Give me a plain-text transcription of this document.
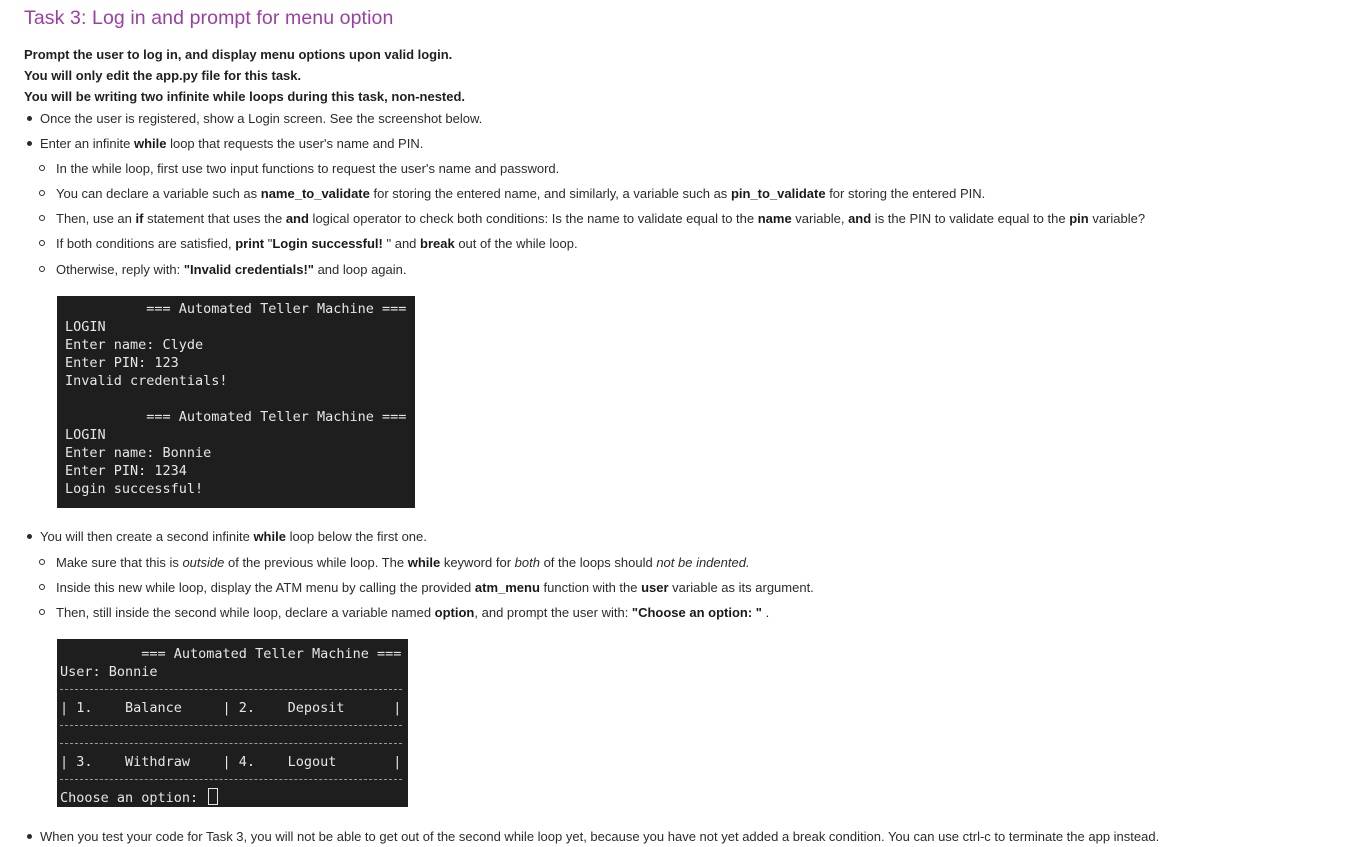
Task 3: Log in and prompt for menu option
Prompt the user to log in, and display menu options upon valid login.
You will only edit the app.py file for this task.
You will be writing two infinite while loops during this task, non-nested.
Once the user is registered, show a Login screen. See the screenshot below.
Enter an infinite while loop that requests the user's name and PIN.
In the while loop, first use two input functions to request the user's name and password.
You can declare a variable such as name_to_validate for storing the entered name, and similarly, a variable such as pin_to_validate for storing the entered PIN.
Then, use an if statement that uses the and logical operator to check both conditions: Is the name to validate equal to the name variable, and is the PIN to validate equal to the pin variable?
If both conditions are satisfied, print "Login successful! " and break out of the while loop.
Otherwise, reply with: "Invalid credentials!" and loop again.
=== Automated Teller Machine ===
LOGIN
Enter name: Clyde
Enter PIN: 123
Invalid credentials!
=== Automated Teller Machine ===
LOGIN
Enter name: Bonnie
Enter PIN: 1234
Login successful!
You will then create a second infinite while loop below the first one.
Make sure that this is outside of the previous while loop. The while keyword for both of the loops should not be indented.
Inside this new while loop, display the ATM menu by calling the provided atm_menu function with the user variable as its argument.
Then, still inside the second while loop, declare a variable named option, and prompt the user with: "Choose an option: " .
=== Automated Teller Machine ===
User: Bonnie
| 1.    Balance     | 2.    Deposit      |
| 3.    Withdraw    | 4.    Logout       |
Choose an option:
When you test your code for Task 3, you will not be able to get out of the second while loop yet, because you have not yet added a break condition. You can use ctrl-c to terminate the app instead.
